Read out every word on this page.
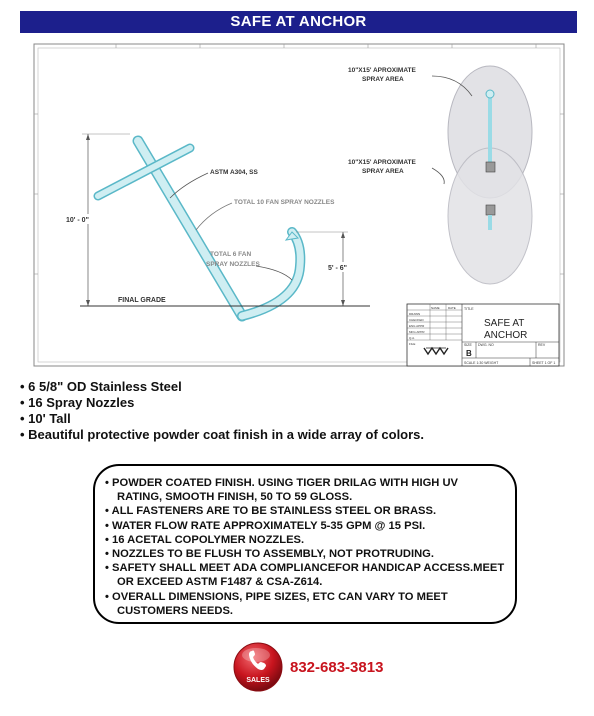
SAFE AT ANCHOR
10"X15' APROXIMATE
SPRAY AREA
10"X15' APROXIMATE
SPRAY AREA
ASTM A304, SS
TOTAL 10 FAN SPRAY NOZZLES
TOTAL 6 FAN
SPRAY NOZZLES
10' - 0"
5' - 6"
FINAL GRADE
NAME	DATE
DRAWN
CHECKED
ENG APPR
MFG APPR
Q.A.
FILE
TITLE
SAFE AT
ANCHOR
SIZE
B
DWG. NO	REV
SCALE 1:30 WEIGHT	SHEET 1 OF 1
• 6 5/8" OD Stainless Steel
• 16 Spray Nozzles
• 10' Tall
• Beautiful protective powder coat finish in a wide array of colors.
• POWDER COATED FINISH. USING TIGER DRILAG WITH HIGH UV RATING, SMOOTH FINISH, 50 TO 59 GLOSS.
• ALL FASTENERS ARE TO BE STAINLESS STEEL OR BRASS.
• WATER FLOW RATE APPROXIMATELY 5-35 GPM @ 15 PSI.
• 16 ACETAL COPOLYMER NOZZLES.
• NOZZLES TO BE FLUSH TO ASSEMBLY, NOT PROTRUDING.
• SAFETY SHALL MEET ADA COMPLIANCEFOR HANDICAP ACCESS.MEET OR EXCEED ASTM F1487 & CSA-Z614.
• OVERALL DIMENSIONS, PIPE SIZES, ETC CAN VARY TO MEET CUSTOMERS NEEDS.
SALES
832-683-3813
